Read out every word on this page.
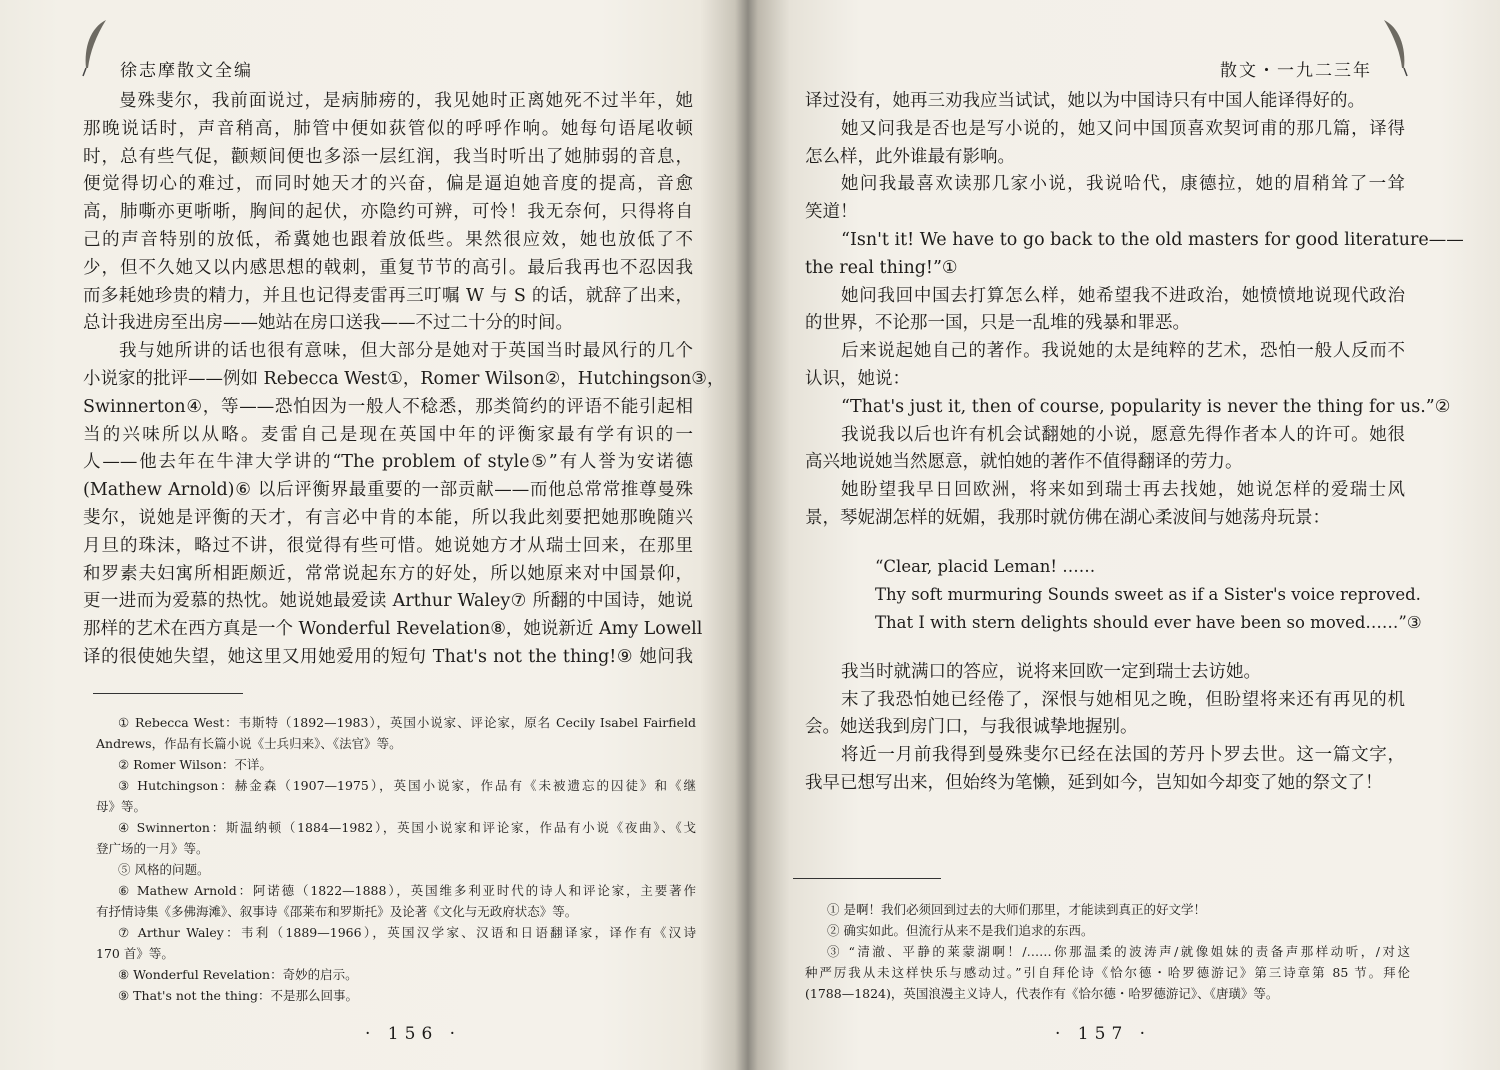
徐志摩散文全编
曼殊斐尔，我前面说过，是病肺痨的，我见她时正离她死不过半年，她
那晚说话时，声音稍高，肺管中便如荻管似的呼呼作响。她每句语尾收顿
时，总有些气促，颧颊间便也多添一层红润，我当时听出了她肺弱的音息，
便觉得切心的难过，而同时她天才的兴奋，偏是逼迫她音度的提高，音愈
高，肺嘶亦更哳哳，胸间的起伏，亦隐约可辨，可怜！我无奈何，只得将自
己的声音特别的放低，希冀她也跟着放低些。果然很应效，她也放低了不
少，但不久她又以内感思想的戟刺，重复节节的高引。最后我再也不忍因我
而多耗她珍贵的精力，并且也记得麦雷再三叮嘱 W 与 S 的话，就辞了出来，
总计我进房至出房——她站在房口送我——不过二十分的时间。
我与她所讲的话也很有意味，但大部分是她对于英国当时最风行的几个
小说家的批评——例如 Rebecca West①，Romer Wilson②，Hutchingson③，
Swinnerton④，等——恐怕因为一般人不稔悉，那类简约的评语不能引起相
当的兴味所以从略。麦雷自己是现在英国中年的评衡家最有学有识的一
人——他去年在牛津大学讲的“The problem of style⑤”有人誉为安诺德
(Mathew Arnold)⑥ 以后评衡界最重要的一部贡献——而他总常常推尊曼殊
斐尔，说她是评衡的天才，有言必中肯的本能，所以我此刻要把她那晚随兴
月旦的珠沫，略过不讲，很觉得有些可惜。她说她方才从瑞士回来，在那里
和罗素夫妇寓所相距颇近，常常说起东方的好处，所以她原来对中国景仰，
更一进而为爱慕的热忱。她说她最爱读 Arthur Waley⑦ 所翻的中国诗，她说
那样的艺术在西方真是一个 Wonderful Revelation⑧，她说新近 Amy Lowell
译的很使她失望，她这里又用她爱用的短句 That's not the thing!⑨ 她问我
① Rebecca West：韦斯特（1892—1983），英国小说家、评论家，原名 Cecily Isabel Fairfield
Andrews，作品有长篇小说《士兵归来》、《法官》等。
② Romer Wilson：不详。
③ Hutchingson：赫金森（1907—1975），英国小说家，作品有《未被遗忘的囚徒》和《继
母》等。
④ Swinnerton：斯温纳顿（1884—1982），英国小说家和评论家，作品有小说《夜曲》、《戈
登广场的一月》等。
⑤ 风格的问题。
⑥ Mathew Arnold：阿诺德（1822—1888），英国维多利亚时代的诗人和评论家，主要著作
有抒情诗集《多佛海滩》、叙事诗《邵莱布和罗斯托》及论著《文化与无政府状态》等。
⑦ Arthur Waley：韦利（1889—1966），英国汉学家、汉语和日语翻译家，译作有《汉诗
170 首》等。
⑧ Wonderful Revelation：奇妙的启示。
⑨ That's not the thing：不是那么回事。
· 156 ·
散文・一九二三年
译过没有，她再三劝我应当试试，她以为中国诗只有中国人能译得好的。
她又问我是否也是写小说的，她又问中国顶喜欢契诃甫的那几篇，译得
怎么样，此外谁最有影响。
她问我最喜欢读那几家小说，我说哈代，康德拉，她的眉稍耸了一耸
笑道！
“Isn't it! We have to go back to the old masters for good literature——
the real thing!”①
她问我回中国去打算怎么样，她希望我不进政治，她愤愤地说现代政治
的世界，不论那一国，只是一乱堆的残暴和罪恶。
后来说起她自己的著作。我说她的太是纯粹的艺术，恐怕一般人反而不
认识，她说：
“That's just it, then of course, popularity is never the thing for us.”②
我说我以后也许有机会试翻她的小说，愿意先得作者本人的许可。她很
高兴地说她当然愿意，就怕她的著作不值得翻译的劳力。
她盼望我早日回欧洲，将来如到瑞士再去找她，她说怎样的爱瑞士风
景，琴妮湖怎样的妩媚，我那时就仿佛在湖心柔波间与她荡舟玩景：
“Clear, placid Leman! ……
Thy soft murmuring Sounds sweet as if a Sister's voice reproved.
That I with stern delights should ever have been so moved……”③
我当时就满口的答应，说将来回欧一定到瑞士去访她。
末了我恐怕她已经倦了，深恨与她相见之晚，但盼望将来还有再见的机
会。她送我到房门口，与我很诚挚地握别。
将近一月前我得到曼殊斐尔已经在法国的芳丹卜罗去世。这一篇文字，
我早已想写出来，但始终为笔懒，延到如今，岂知如今却变了她的祭文了！
① 是啊！我们必须回到过去的大师们那里，才能读到真正的好文学！
② 确实如此。但流行从来不是我们追求的东西。
③ “清澈、平静的莱蒙湖啊！/……你那温柔的波涛声/就像姐妹的责备声那样动听，/对这
种严厉我从未这样快乐与感动过。”引自拜伦诗《恰尔德・哈罗德游记》第三诗章第 85 节。拜伦
(1788—1824)，英国浪漫主义诗人，代表作有《恰尔德・哈罗德游记》、《唐璜》等。
· 157 ·
